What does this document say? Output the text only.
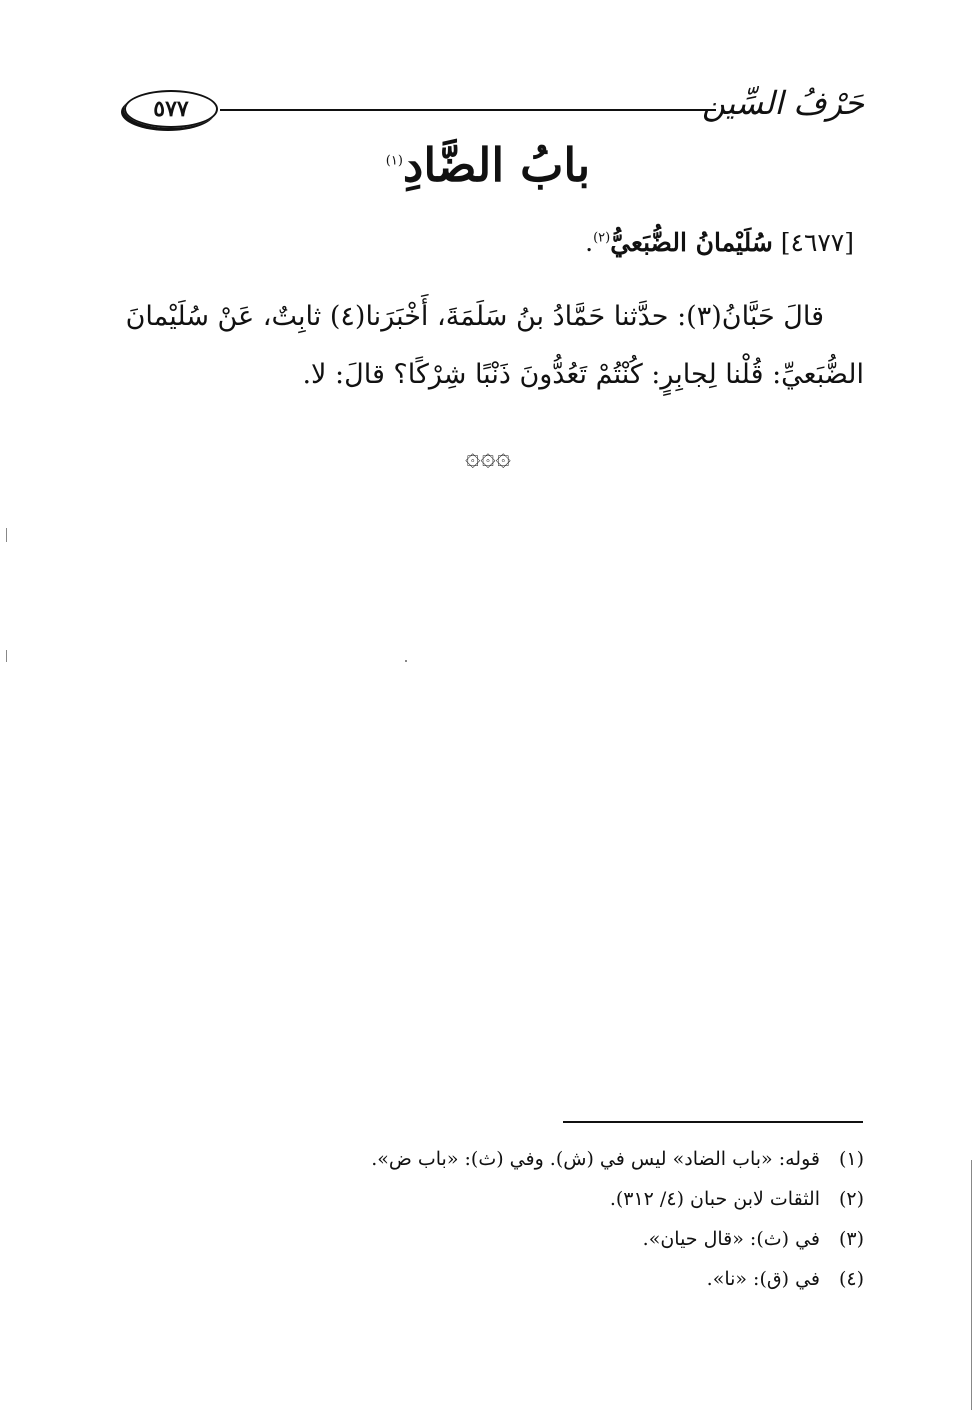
٥٧٧	حَرْفُ السِّين
بابُ الضَّادِ$^{(١)}$
[٤٦٧٧] سُلَيْمانُ الضُّبَعيُّ$^{(٢)}$.
قالَ حَبَّانُ(٣): حدَّثنا حَمَّادُ بنُ سَلَمَةَ، أَخْبَرَنا(٤) ثابِتٌ، عَنْ سُلَيْمانَ
الضُّبَعيِّ: قُلْنا لِجابِرٍ: كُنْتُمْ تَعُدُّونَ ذَنْبًا شِرْكًا؟ قالَ: لا.
۞۞۞
(١)قوله: «باب الضاد» ليس في (ش). وفي (ث): «باب ض».
(٢)الثقات لابن حبان (٤/ ٣١٢).
(٣)في (ث): «قال حيان».
(٤)في (ق): «نا».
